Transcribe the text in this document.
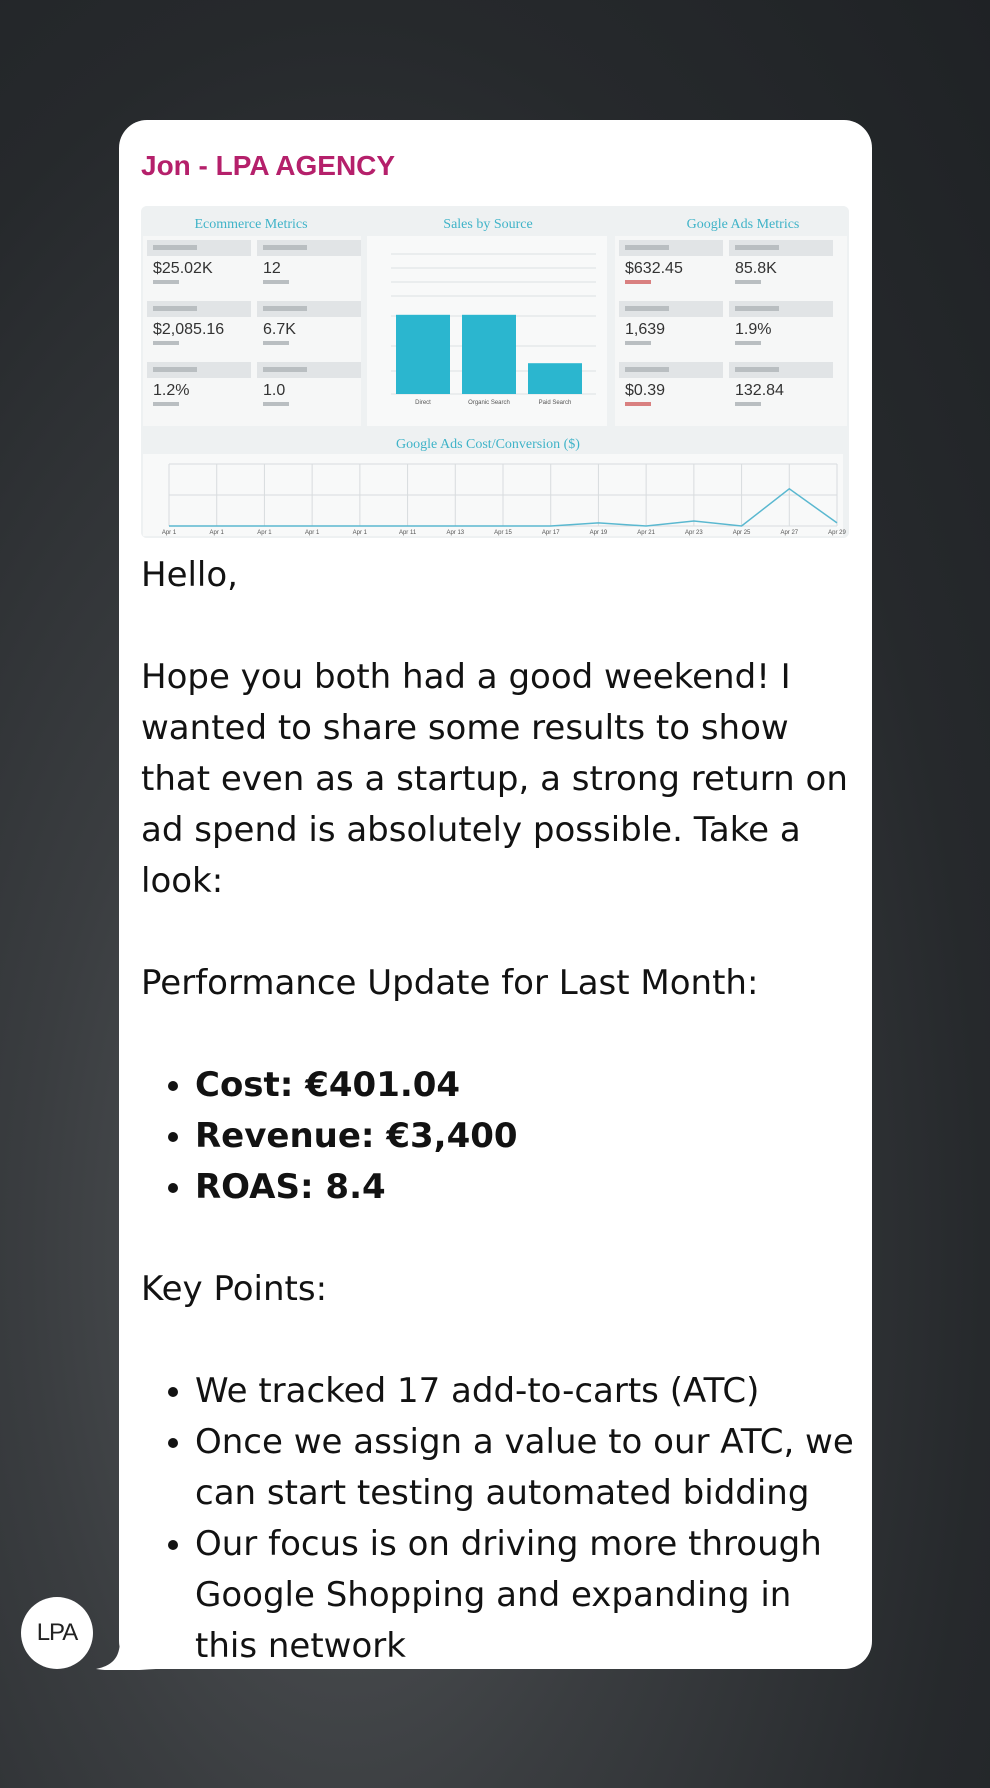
Jon - LPA AGENCY
Ecommerce Metrics	Sales by Source	Google Ads Metrics
$25.02K	12
$2,085.16 6.7K
1.2%	1.0
Direct	Organic Search	Paid Search
$632.45	85.8K
1,639	1.9%
$0.39	132.84
Google Ads Cost/Conversion ($)
Apr 1	Apr 1	Apr 1	Apr 1	Apr 1	Apr 11	Apr 13	Apr 15	Apr 17	Apr 19	Apr 21	Apr 23	Apr 25	Apr 27	Apr 29

Hello,

Hope you both had a good weekend! I wanted to share some results to show that even as a startup, a strong return on ad spend is absolutely possible. Take a look:

Performance Update for Last Month:

• Cost: €401.04
• Revenue: €3,400
• ROAS: 8.4

Key Points:

• We tracked 17 add-to-carts (ATC)
• Once we assign a value to our ATC, we can start testing automated bidding
• Our focus is on driving more through Google Shopping and expanding in this network
LPA
